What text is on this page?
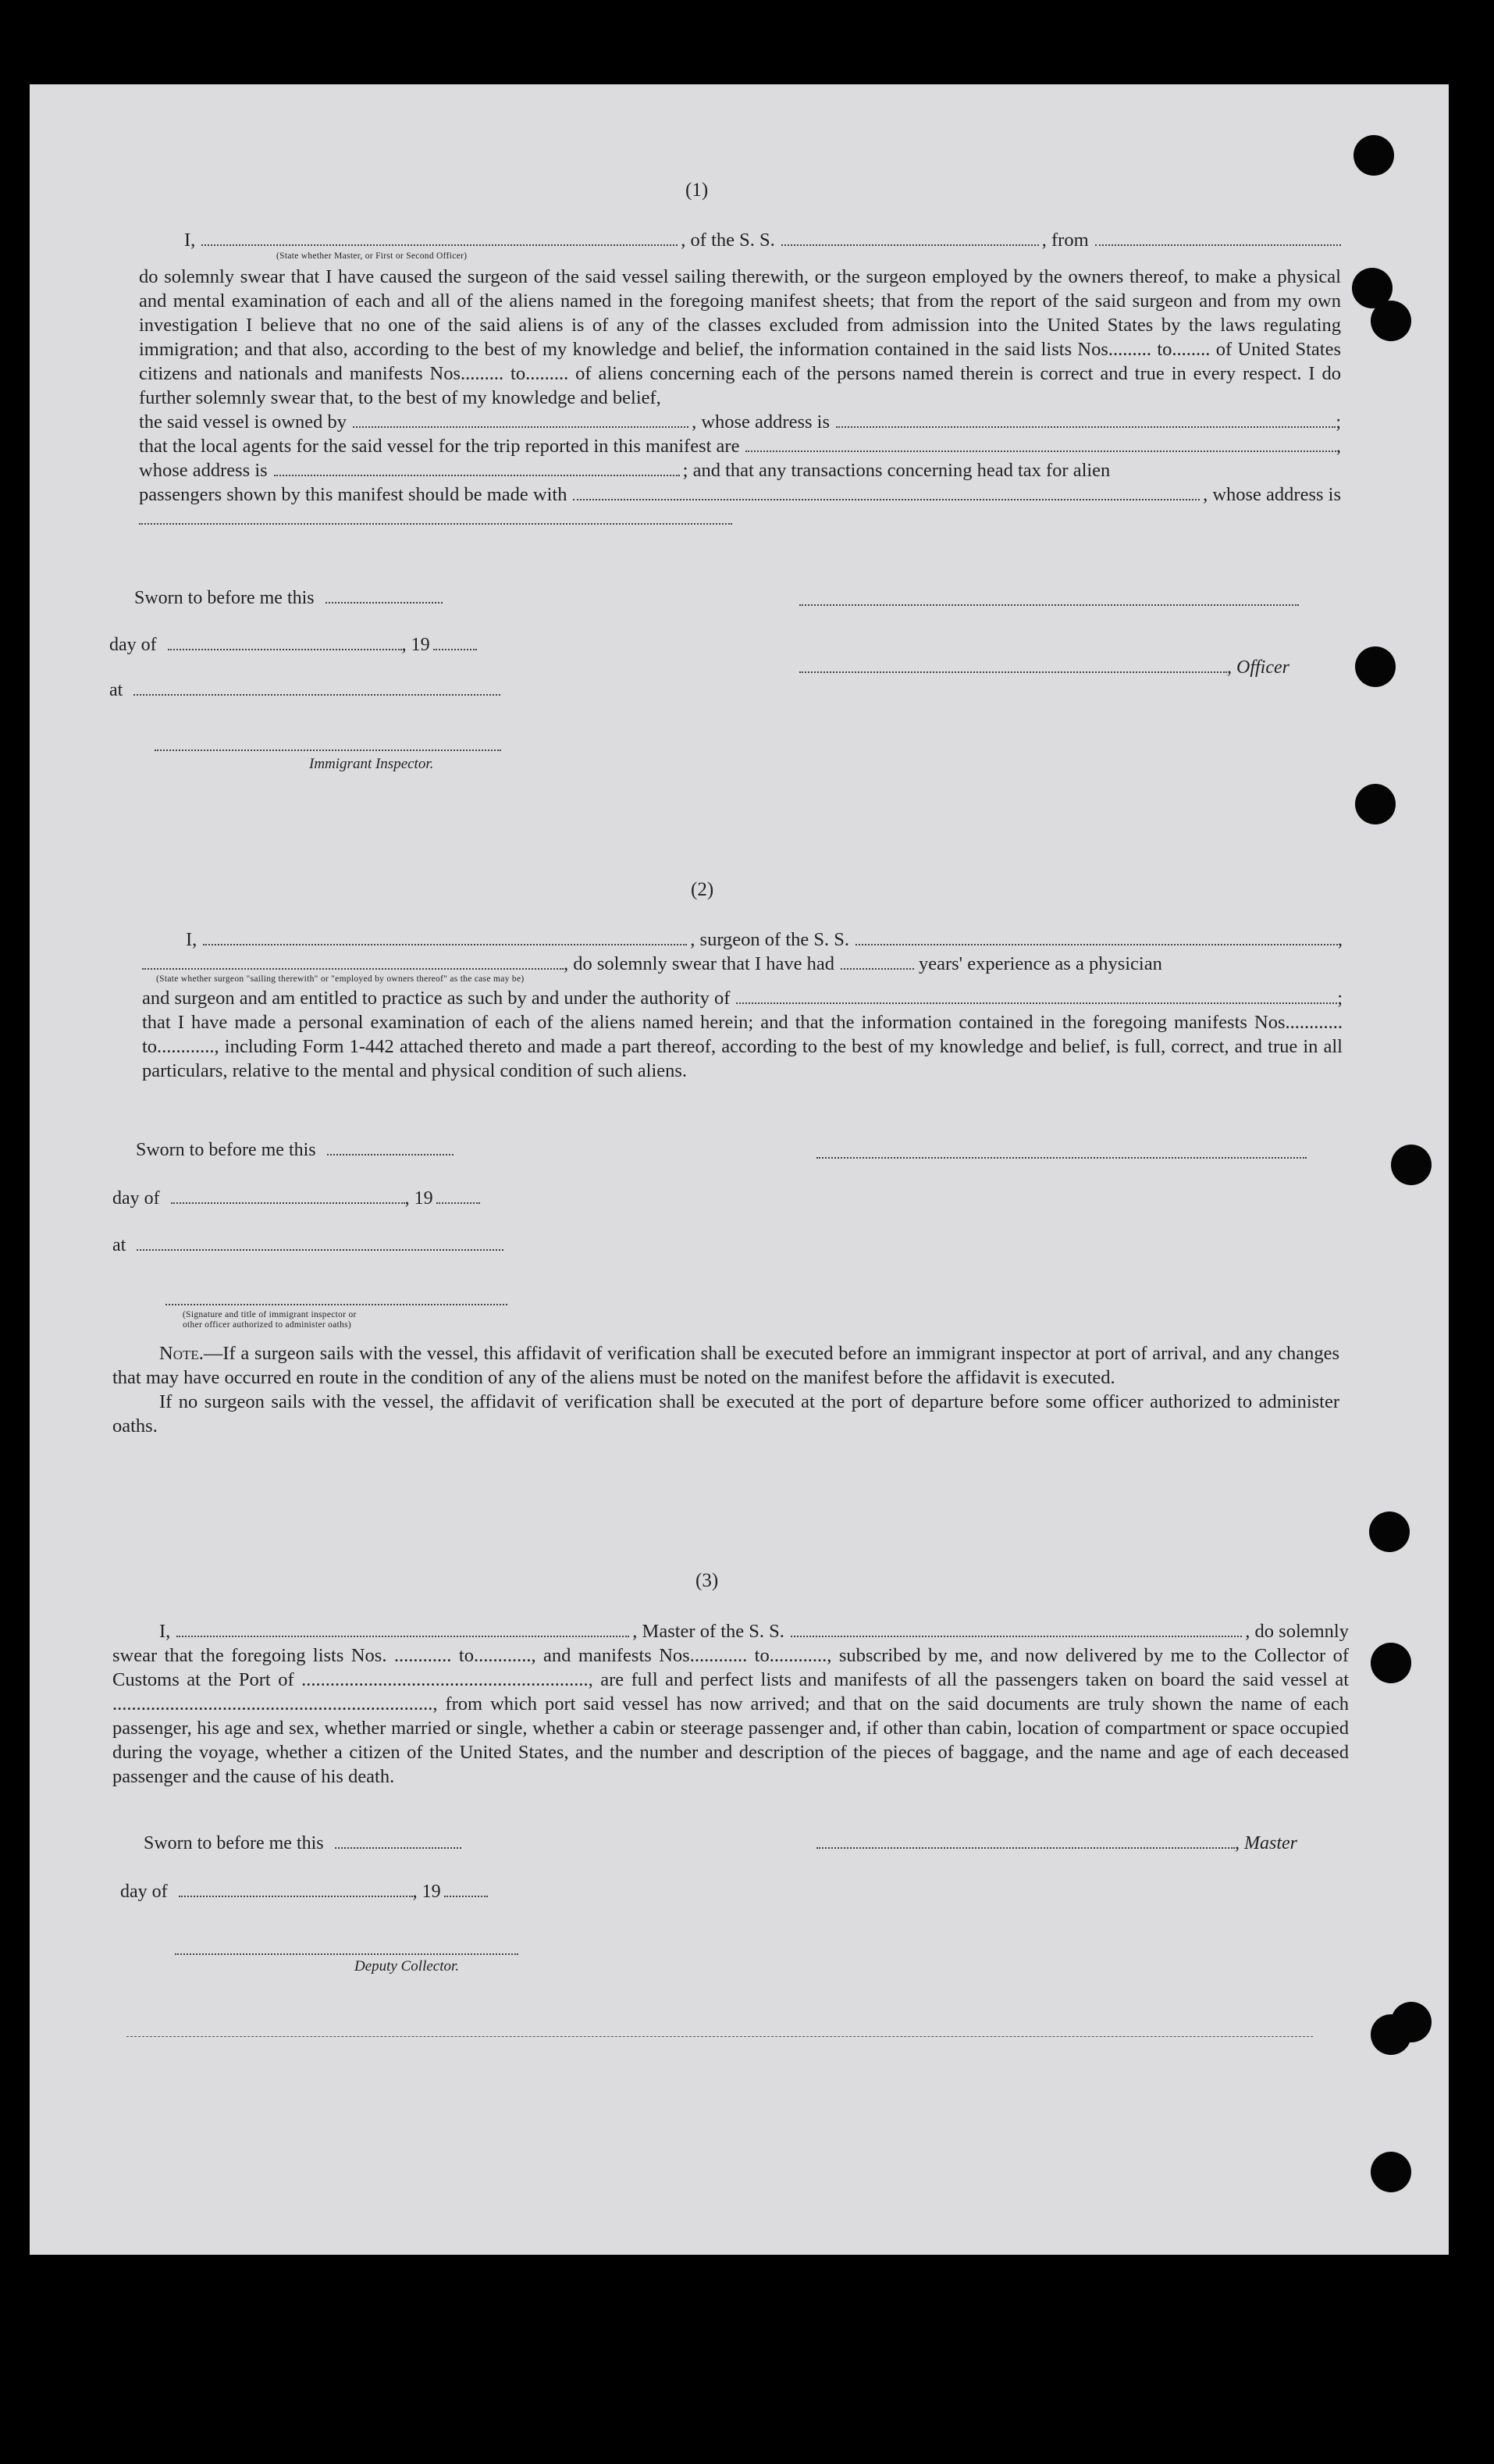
(1)
I,	, of the S. S.	, from
(State whether Master, or First or Second Officer)

do solemnly swear that I have caused the surgeon of the said vessel sailing therewith, or the surgeon employed by the owners thereof, to make a physical and mental examination of each and all of the aliens named in the foregoing manifest sheets; that from the report of the said surgeon and from my own investigation I believe that no one of the said aliens is of any of the classes excluded from admission into the United States by the laws regulating immigration; and that also, according to the best of my knowledge and belief, the information contained in the said lists Nos......... to........ of United States citizens and nationals and manifests Nos......... to......... of aliens concerning each of the persons named therein is correct and true in every respect. I do further solemnly swear that, to the best of my knowledge and belief,

the said vessel is owned by	, whose address is	;
that the local agents for the said vessel for the trip reported in this manifest are	,
whose address is	; and that any transactions concerning head tax for alien
passengers shown by this manifest should be made with	, whose address is
Sworn to before me this
day of	, 19
, Officer
at
Immigrant Inspector.
(2)
I,	, surgeon of the S. S.	,
, do solemnly swear that I have had	years' experience as a physician
(State whether surgeon "sailing therewith" or "employed by owners thereof" as the case may be)
and surgeon and am entitled to practice as such by and under the authority of	;

that I have made a personal examination of each of the aliens named herein; and that the information contained in the foregoing manifests Nos............ to............, including Form 1-442 attached thereto and made a part thereof, according to the best of my knowledge and belief, is full, correct, and true in all particulars, relative to the mental and physical condition of such aliens.

Sworn to before me this
day of	, 19
at
(Signature and title of immigrant inspector or
other officer authorized to administer oaths)

Note.—If a surgeon sails with the vessel, this affidavit of verification shall be executed before an immigrant inspector at port of arrival, and any changes that may have occurred en route in the condition of any of the aliens must be noted on the manifest before the affidavit is executed.

If no surgeon sails with the vessel, the affidavit of verification shall be executed at the port of departure before some officer authorized to administer oaths.

(3)
I,	, Master of the S. S.	, do solemnly

swear that the foregoing lists Nos. ............ to............, and manifests Nos............ to............, subscribed by me, and now delivered by me to the Collector of Customs at the Port of ............................................................, are full and perfect lists and manifests of all the passengers taken on board the said vessel at ..................................................................., from which port said vessel has now arrived; and that on the said documents are truly shown the name of each passenger, his age and sex, whether married or single, whether a cabin or steerage passenger and, if other than cabin, location of compartment or space occupied during the voyage, whether a citizen of the United States, and the number and description of the pieces of baggage, and the name and age of each deceased passenger and the cause of his death.

Sworn to before me this	, Master
day of	, 19
Deputy Collector.
